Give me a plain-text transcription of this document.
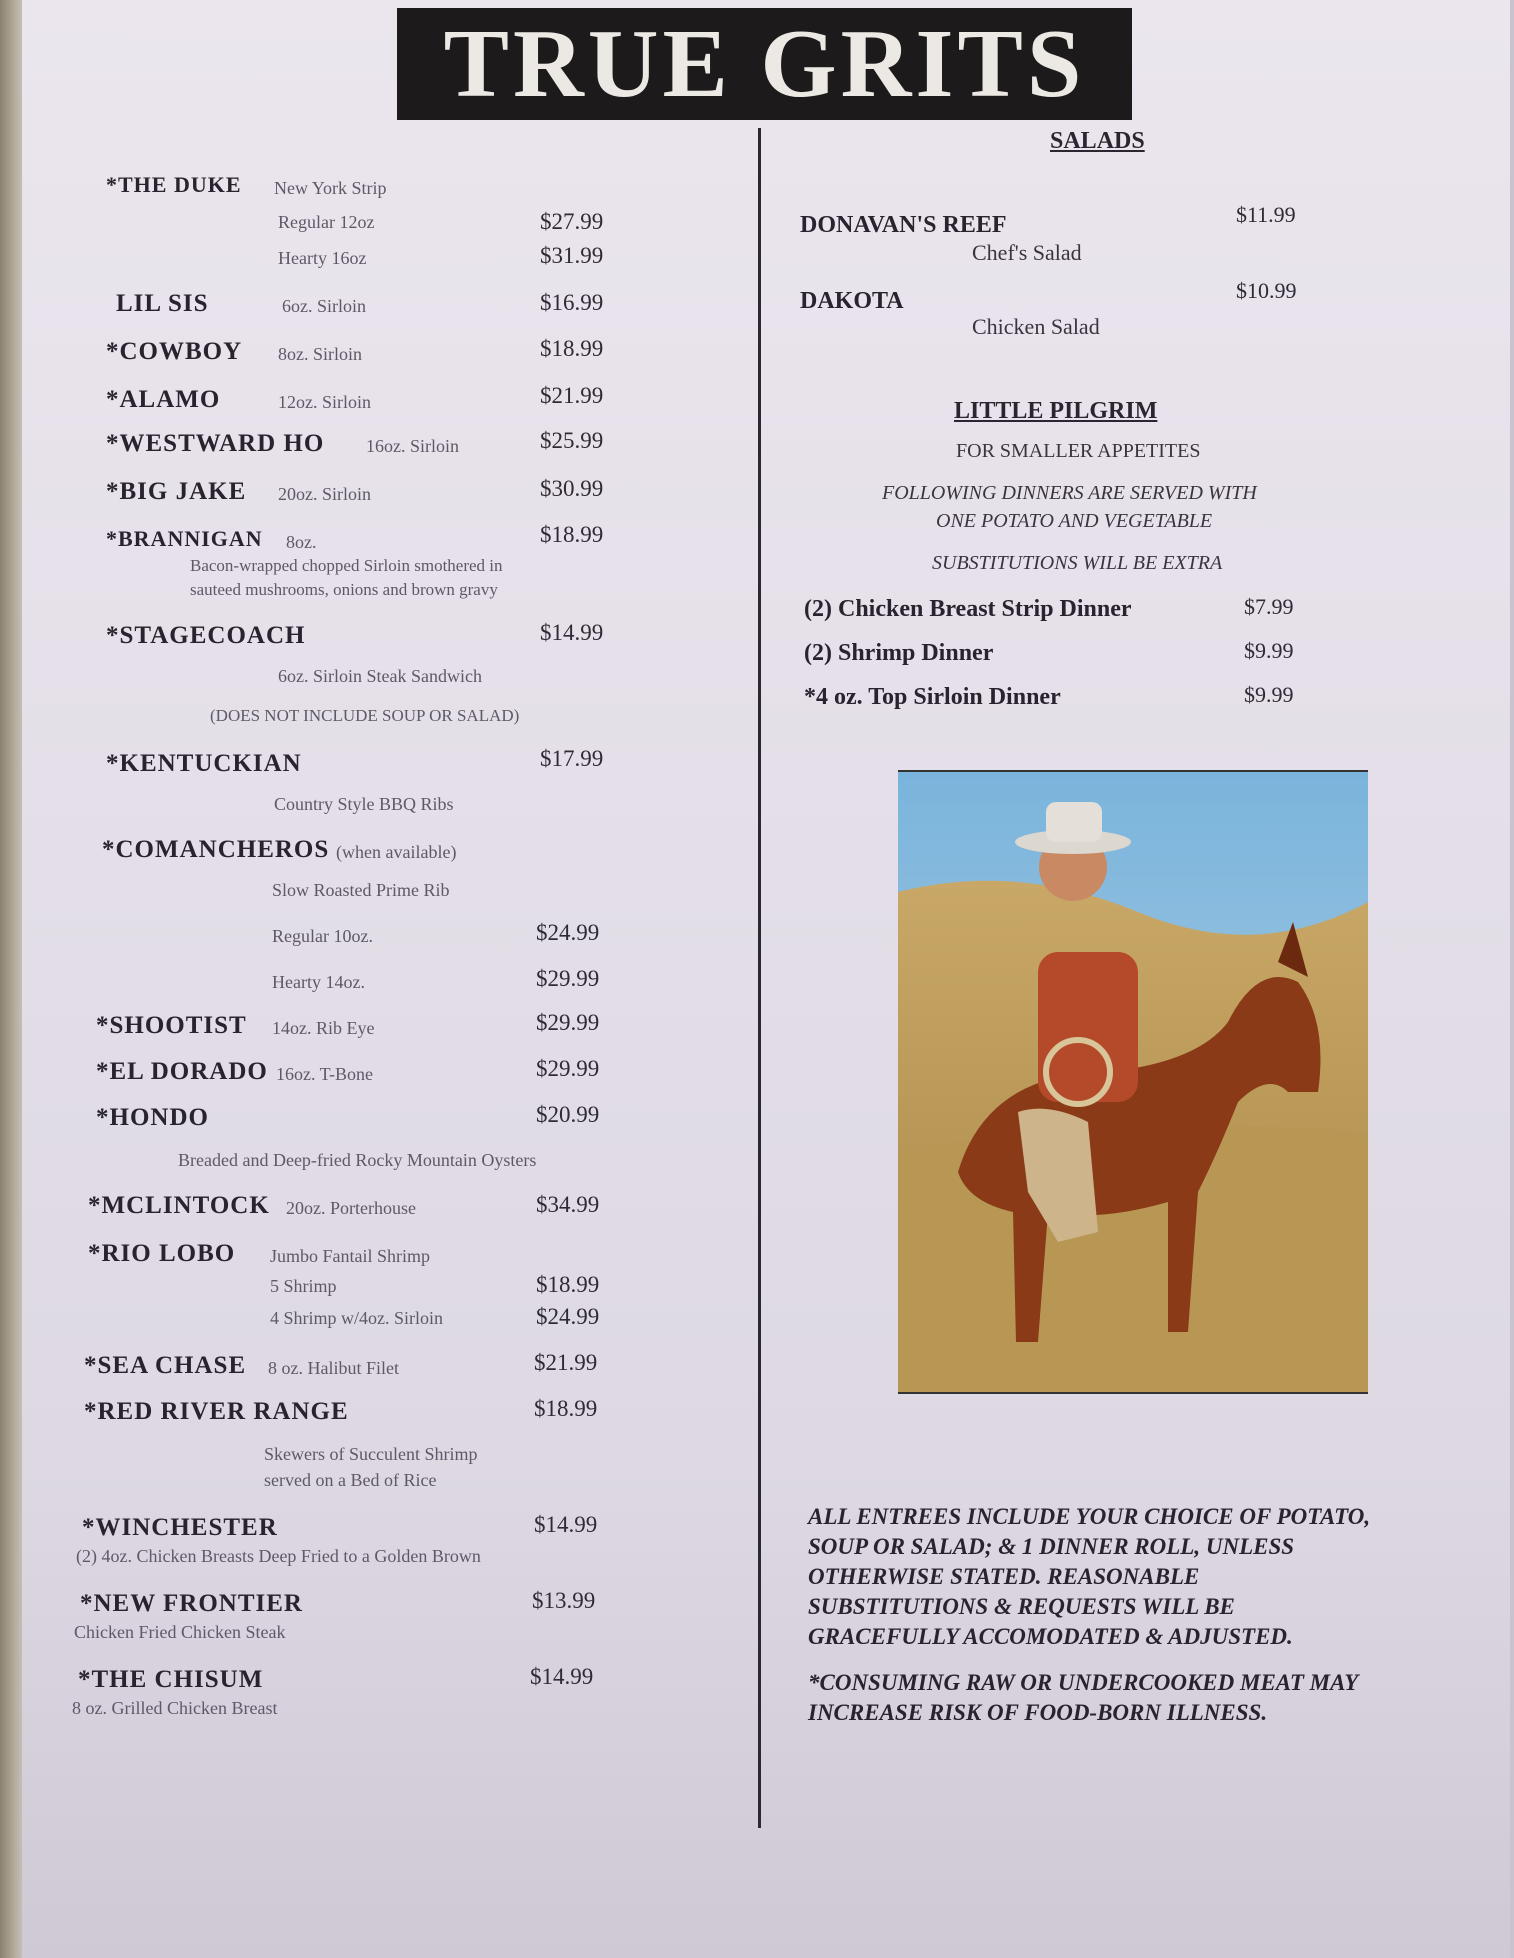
TRUE GRITS
*THE DUKE New York Strip
Regular 12oz	$27.99
Hearty 16oz	$31.99
LIL SIS	6oz. Sirloin	$16.99
*COWBOY 8oz. Sirloin	$18.99
*ALAMO	12oz. Sirloin	$21.99
*WESTWARD HO 16oz. Sirloin	$25.99
*BIG JAKE 20oz. Sirloin	$30.99
*BRANNIGAN 8oz.	$18.99
Bacon-wrapped chopped Sirloin smothered in
sauteed mushrooms, onions and brown gravy
*STAGECOACH	$14.99
6oz. Sirloin Steak Sandwich
(DOES NOT INCLUDE SOUP OR SALAD)
*KENTUCKIAN	$17.99
Country Style BBQ Ribs
*COMANCHEROS (when available)
Slow Roasted Prime Rib
Regular 10oz.	$24.99
Hearty 14oz.	$29.99
*SHOOTIST 14oz. Rib Eye	$29.99
*EL DORADO 16oz. T-Bone	$29.99
*HONDO	$20.99
Breaded and Deep-fried Rocky Mountain Oysters
*MCLINTOCK 20oz. Porterhouse	$34.99
*RIO LOBO Jumbo Fantail Shrimp
5 Shrimp	$18.99
4 Shrimp w/4oz. Sirloin	$24.99
*SEA CHASE 8 oz. Halibut Filet	$21.99
*RED RIVER RANGE	$18.99
Skewers of Succulent Shrimp
served on a Bed of Rice
*WINCHESTER	$14.99
(2) 4oz. Chicken Breasts Deep Fried to a Golden Brown
*NEW FRONTIER	$13.99
Chicken Fried Chicken Steak
*THE CHISUM	$14.99
8 oz. Grilled Chicken Breast
SALADS
DONAVAN'S REEF	$11.99
Chef's Salad
DAKOTA	$10.99
Chicken Salad
LITTLE PILGRIM
FOR SMALLER APPETITES
FOLLOWING DINNERS ARE SERVED WITH
ONE POTATO AND VEGETABLE
SUBSTITUTIONS WILL BE EXTRA
(2) Chicken Breast Strip Dinner	$7.99
(2) Shrimp Dinner	$9.99
*4 oz. Top Sirloin Dinner	$9.99
ALL ENTREES INCLUDE YOUR CHOICE OF POTATO,
SOUP OR SALAD; & 1 DINNER ROLL, UNLESS
OTHERWISE STATED. REASONABLE
SUBSTITUTIONS & REQUESTS WILL BE
GRACEFULLY ACCOMODATED & ADJUSTED.
*CONSUMING RAW OR UNDERCOOKED MEAT MAY
INCREASE RISK OF FOOD-BORN ILLNESS.
